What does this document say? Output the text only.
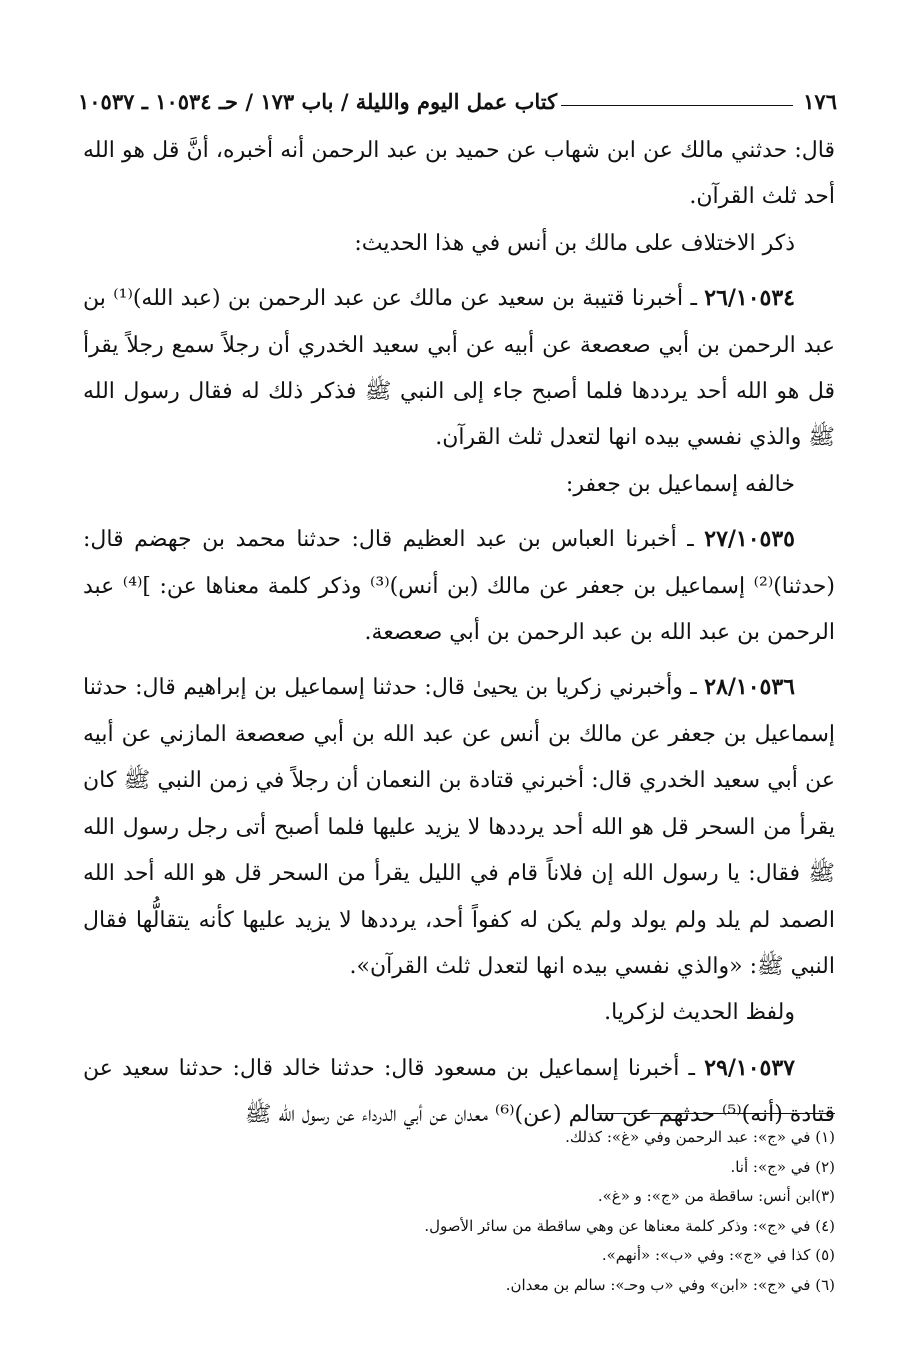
١٧٦
كتاب عمل اليوم والليلة / باب ١٧٣ / حـ ١٠٥٣٤ ـ ١٠٥٣٧

قال: حدثني مالك عن ابن شهاب عن حميد بن عبد الرحمن أنه أخبره، أنَّ قل هو الله أحد ثلث القرآن.

ذكر الاختلاف على مالك بن أنس في هذا الحديث:

٢٦/١٠٥٣٤ ـ أخبرنا قتيبة بن سعيد عن مالك عن عبد الرحمن بن (عبد الله)⁽¹⁾ بن عبد الرحمن بن أبي صعصعة عن أبيه عن أبي سعيد الخدري أن رجلاً سمع رجلاً يقرأ قل هو الله أحد يرددها فلما أصبح جاء إلى النبي ﷺ فذكر ذلك له فقال رسول الله ﷺ والذي نفسي بيده انها لتعدل ثلث القرآن.

خالفه إسماعيل بن جعفر:

٢٧/١٠٥٣٥ ـ أخبرنا العباس بن عبد العظيم قال: حدثنا محمد بن جهضم قال: (حدثنا)⁽²⁾ إسماعيل بن جعفر عن مالك (بن أنس)⁽³⁾ وذكر كلمة معناها عن: ]⁽⁴⁾ عبد الرحمن بن عبد الله بن عبد الرحمن بن أبي صعصعة.

٢٨/١٠٥٣٦ ـ وأخبرني زكريا بن يحيىٰ قال: حدثنا إسماعيل بن إبراهيم قال: حدثنا إسماعيل بن جعفر عن مالك بن أنس عن عبد الله بن أبي صعصعة المازني عن أبيه عن أبي سعيد الخدري قال: أخبرني قتادة بن النعمان أن رجلاً في زمن النبي ﷺ كان يقرأ من السحر قل هو الله أحد يرددها لا يزيد عليها فلما أصبح أتى رجل رسول الله ﷺ فقال: يا رسول الله إن فلاناً قام في الليل يقرأ من السحر قل هو الله أحد الله الصمد لم يلد ولم يولد ولم يكن له كفواً أحد، يرددها لا يزيد عليها كأنه يتقالُّها فقال النبي ﷺ: «والذي نفسي بيده انها لتعدل ثلث القرآن».

ولفظ الحديث لزكريا.

٢٩/١٠٥٣٧ ـ أخبرنا إسماعيل بن مسعود قال: حدثنا خالد قال: حدثنا سعيد عن قتادة (أنه)⁽⁵⁾ حدثهم عن سالم (عن)⁽⁶⁾ معدان عن أبي الدرداء عن رسول الله ﷺ

(١) في «ج»: عبد الرحمن وفي «غ»: كذلك.
(٢) في «ج»: أنا.
(٣)ابن أنس: ساقطة من «ج»: و «غ».
(٤) في «ج»: وذكر كلمة معناها عن وهي ساقطة من سائر الأصول.
(٥) كذا في «ج»: وفي «ب»: «أنهم».
(٦) في «ج»: «ابن» وفي «ب وحـ»: سالم بن معدان.
